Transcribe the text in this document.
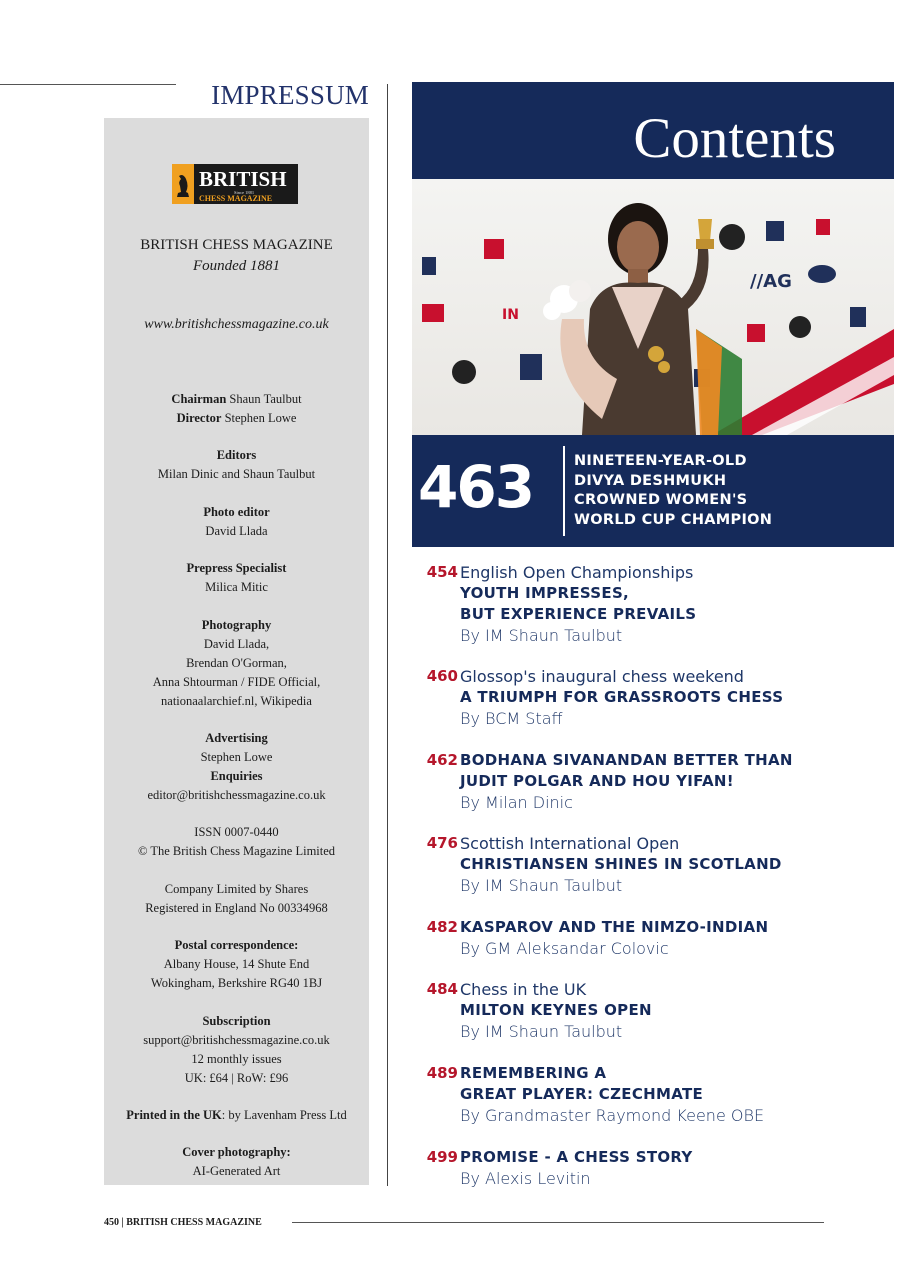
IMPRESSUM
BRITISH
Since 1881
CHESS MAGAZINE
BRITISH CHESS MAGAZINE
Founded 1881
www.britishchessmagazine.co.uk
Chairman Shaun Taulbut
Director Stephen Lowe
Editors
Milan Dinic and Shaun Taulbut
Photo editor
David Llada
Prepress Specialist
Milica Mitic
Photography
David Llada,
Brendan O'Gorman,
Anna Shtourman / FIDE Official,
nationaalarchief.nl, Wikipedia
Advertising
Stephen Lowe
Enquiries
editor@britishchessmagazine.co.uk
ISSN 0007-0440
© The British Chess Magazine Limited
Company Limited by Shares
Registered in England No 00334968
Postal correspondence:
Albany House, 14 Shute End
Wokingham, Berkshire RG40 1BJ
Subscription
support@britishchessmagazine.co.uk
12 monthly issues
UK: £64 | RoW: £96
Printed in the UK: by Lavenham Press Ltd
Cover photography:
AI-Generated Art
Contents
//AG
IN
463	NINETEEN-YEAR-OLD
DIVYA DESHMUKH
CROWNED WOMEN'S
WORLD CUP CHAMPION
454 English Open Championships
YOUTH IMPRESSES,
BUT EXPERIENCE PREVAILS
By IM Shaun Taulbut
460 Glossop's inaugural chess weekend
A TRIUMPH FOR GRASSROOTS CHESS
By BCM Staff
462 BODHANA SIVANANDAN BETTER THAN
JUDIT POLGAR AND HOU YIFAN!
By Milan Dinic
476 Scottish International Open
CHRISTIANSEN SHINES IN SCOTLAND
By IM Shaun Taulbut
482 KASPAROV AND THE NIMZO-INDIAN
By GM Aleksandar Colovic
484 Chess in the UK
MILTON KEYNES OPEN
By IM Shaun Taulbut
489 REMEMBERING A
GREAT PLAYER: CZECHMATE
By Grandmaster Raymond Keene OBE
499 PROMISE - A CHESS STORY
By Alexis Levitin
450 | BRITISH CHESS MAGAZINE
